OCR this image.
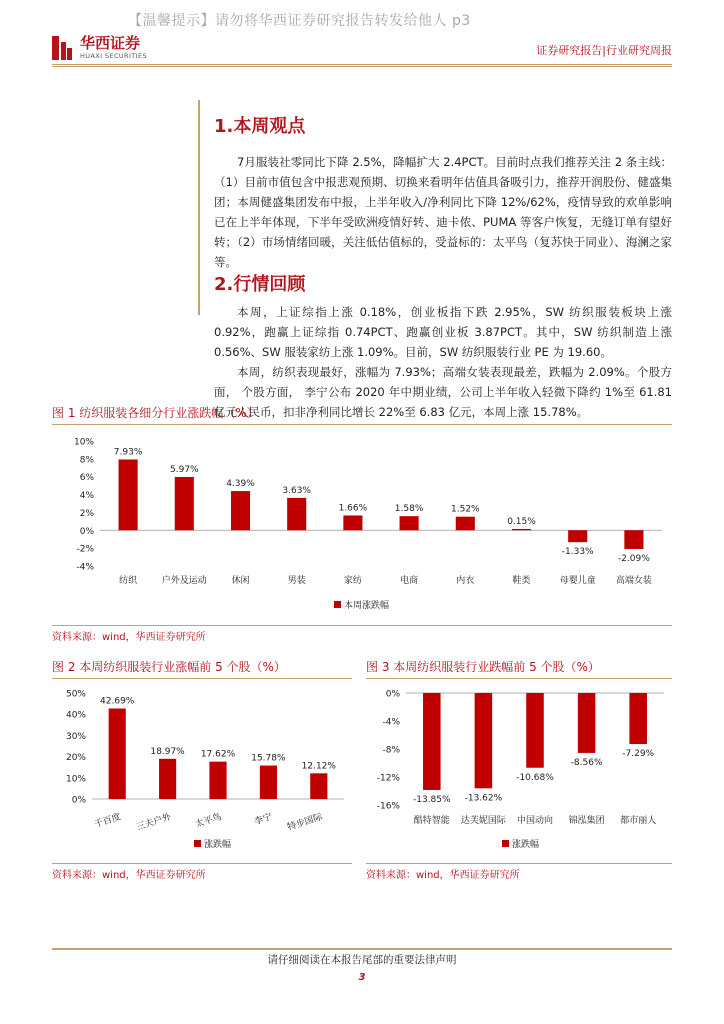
【温馨提示】请勿将华西证券研究报告转发给他人 p3
华西证券
HUAXI SECURITIES	证券研究报告|行业研究周报
1.本周观点
7月服装社零同比下降 2.5%，降幅扩大 2.4PCT。目前时点我们推荐关注 2 条主线：（1）目前市值包含中报悲观预期、切换来看明年估值具备吸引力，推荐开润股份、健盛集团；本周健盛集团发布中报，上半年收入/净利同比下降 12%/62%，疫情导致的欢单影响已在上半年体现，下半年受欧洲疫情好转、迪卡侬、PUMA 等客户恢复，无缝订单有望好转；（2）市场情绪回暖，关注低估值标的，受益标的：太平鸟（复苏快于同业）、海澜之家等。
2.行情回顾
本周，上证综指上涨 0.18%，创业板指下跌 2.95%，SW 纺织服装板块上涨 0.92%，跑赢上证综指 0.74PCT、跑赢创业板 3.87PCT。其中，SW 纺织制造上涨 0.56%、SW 服装家纺上涨 1.09%。目前，SW 纺织服装行业 PE 为 19.60。
本周，纺织表现最好，涨幅为 7.93%；高端女装表现最差，跌幅为 2.09%。个股方面， 个股方面， 李宁公布 2020 年中期业绩，公司上半年收入轻微下降约 1%至 61.81 亿元人民币，扣非净利同比增长 22%至 6.83 亿元，本周上涨 15.78%。
图 1 纺织服装各细分行业涨跌幅（%）
10%
8%
6%
4%
2%
0%
-2%
-4%
7.93%
纺织
5.97%
户外及运动
4.39%
休闲
3.63%
男装
1.66%
家纺
1.58%
电商
1.52%
内衣
0.15%
鞋类
-1.33%
母婴儿童
-2.09%
高端女装
本周涨跌幅
资料来源：wind，华西证券研究所
图 2 本周纺织服装行业涨幅前 5 个股（%）
50%
40%
30%
20%
10%
0%
42.69%
千百度
18.97%
三夫户外
17.62%
太平鸟
15.78%
李宁
12.12%
特步国际
涨跌幅
资料来源：wind，华西证券研究所
图 3 本周纺织服装行业跌幅前 5 个股（%）
0%
-4%
-8%
-12%
-16%
-13.85%
酷特智能
-13.62%
达芙妮国际
-10.68%
中国动向
-8.56%
锦泓集团
-7.29%
都市丽人
涨跌幅
资料来源：wind，华西证券研究所
请仔细阅读在本报告尾部的重要法律声明
3
